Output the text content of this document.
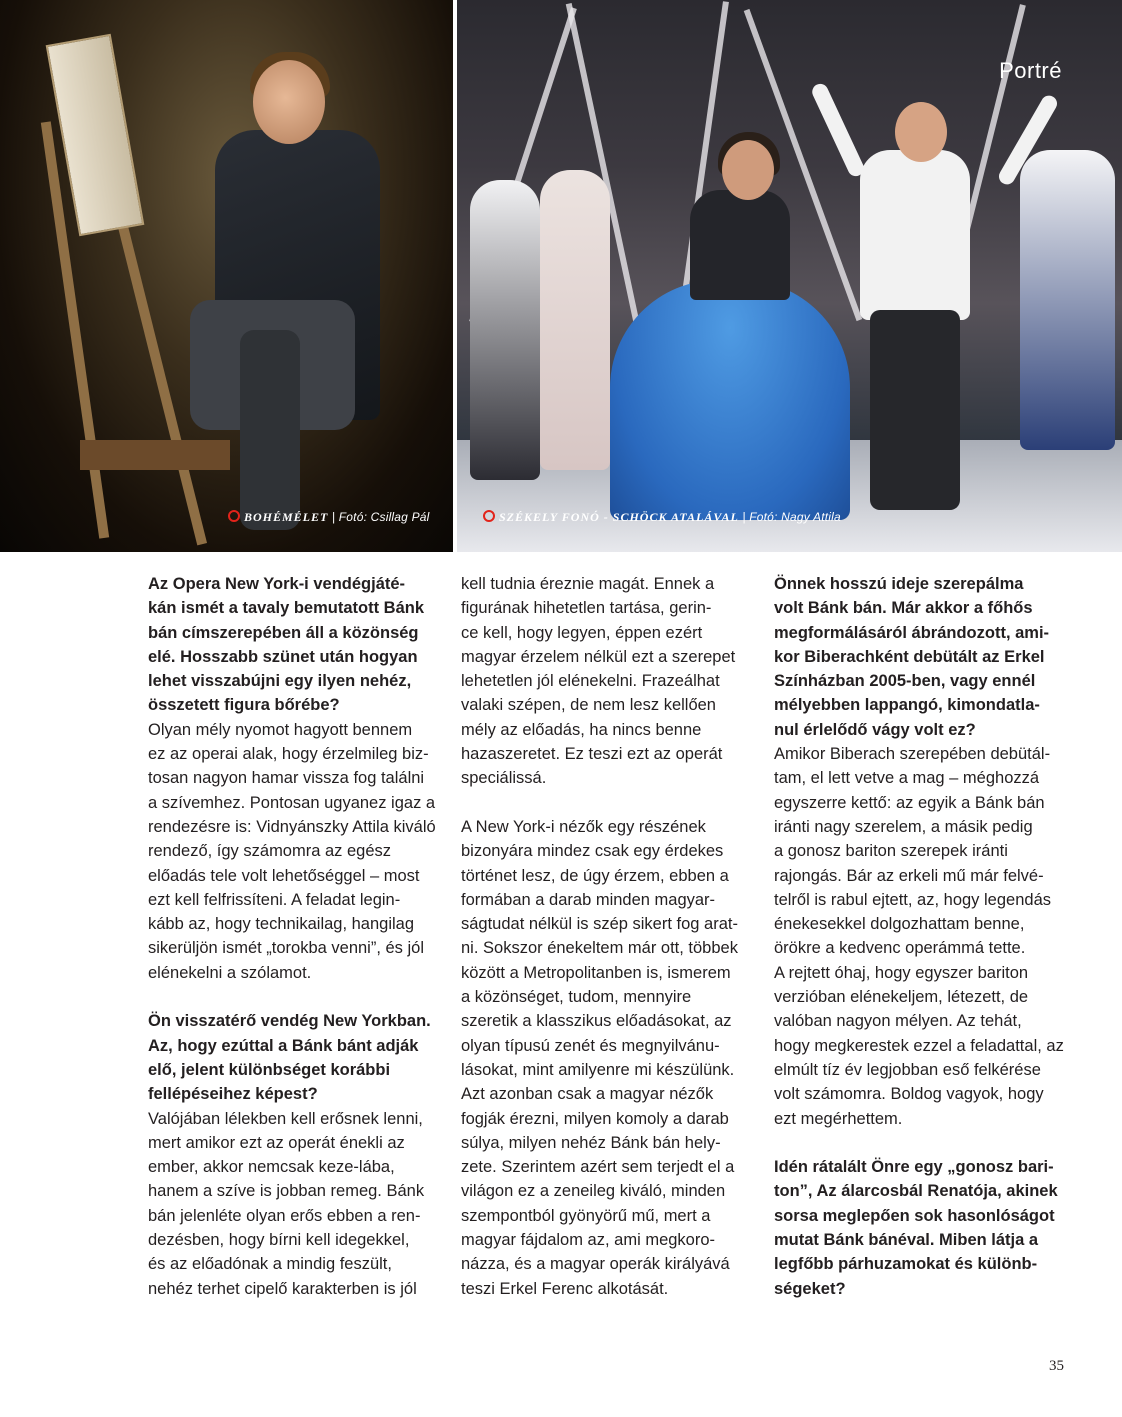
BOHÉMÉLET | Fotó: Csillag Pál	SZÉKELY FONÓ - SCHÖCK ATALÁVAL | Fotó: Nagy Attila
Portré

Az Opera New York-i vendégjáté-
kán ismét a tavaly bemutatott Bánk
bán címszerepében áll a közönség
elé. Hosszabb szünet után hogyan
lehet visszabújni egy ilyen nehéz,
összetett figura bőrébe?

Olyan mély nyomot hagyott bennem
ez az operai alak, hogy érzelmileg biz-
tosan nagyon hamar vissza fog találni
a szívemhez. Pontosan ugyanez igaz a
rendezésre is: Vidnyánszky Attila kiváló
rendező, így számomra az egész
előadás tele volt lehetőséggel – most
ezt kell felfrissíteni. A feladat legin-
kább az, hogy technikailag, hangilag
sikerüljön ismét „torokba venni”, és jól
elénekelni a szólamot.

Ön visszatérő vendég New Yorkban.
Az, hogy ezúttal a Bánk bánt adják
elő, jelent különbséget korábbi
fellépéseihez képest?

Valójában lélekben kell erősnek lenni,
mert amikor ezt az operát énekli az
ember, akkor nemcsak keze-lába,
hanem a szíve is jobban remeg. Bánk
bán jelenléte olyan erős ebben a ren-
dezésben, hogy bírni kell idegekkel,
és az előadónak a mindig feszült,
nehéz terhet cipelő karakterben is jól

kell tudnia éreznie magát. Ennek a
figurának hihetetlen tartása, gerin-
ce kell, hogy legyen, éppen ezért
magyar érzelem nélkül ezt a szerepet
lehetetlen jól elénekelni. Frazeálhat
valaki szépen, de nem lesz kellően
mély az előadás, ha nincs benne
hazaszeretet. Ez teszi ezt az operát
speciálissá.

A New York-i nézők egy részének
bizonyára mindez csak egy érdekes
történet lesz, de úgy érzem, ebben a
formában a darab minden magyar-
ságtudat nélkül is szép sikert fog arat-
ni. Sokszor énekeltem már ott, többek
között a Metropolitanben is, ismerem
a közönséget, tudom, mennyire
szeretik a klasszikus előadásokat, az
olyan típusú zenét és megnyilvánu-
lásokat, mint amilyenre mi készülünk.
Azt azonban csak a magyar nézők
fogják érezni, milyen komoly a darab
súlya, milyen nehéz Bánk bán hely-
zete. Szerintem azért sem terjedt el a
világon ez a zeneileg kiváló, minden
szempontból gyönyörű mű, mert a
magyar fájdalom az, ami megkoro-
názza, és a magyar operák királyává
teszi Erkel Ferenc alkotását.

Önnek hosszú ideje szerepálma
volt Bánk bán. Már akkor a főhős
megformálásáról ábrándozott, ami-
kor Biberachként debütált az Erkel
Színházban 2005-ben, vagy ennél
mélyebben lappangó, kimondatla-
nul érlelődő vágy volt ez?

Amikor Biberach szerepében debütál-
tam, el lett vetve a mag – méghozzá
egyszerre kettő: az egyik a Bánk bán
iránti nagy szerelem, a másik pedig
a gonosz bariton szerepek iránti
rajongás. Bár az erkeli mű már felvé-
telről is rabul ejtett, az, hogy legendás
énekesekkel dolgozhattam benne,
örökre a kedvenc operámmá tette.
A rejtett óhaj, hogy egyszer bariton
verzióban elénekeljem, létezett, de
valóban nagyon mélyen. Az tehát,
hogy megkerestek ezzel a feladattal, az
elmúlt tíz év legjobban eső felkérése
volt számomra. Boldog vagyok, hogy
ezt megérhettem.

Idén rátalált Önre egy „gonosz bari-
ton”, Az álarcosbál Renatója, akinek
sorsa meglepően sok hasonlóságot
mutat Bánk bánéval. Miben látja a
legfőbb párhuzamokat és különb-
ségeket?

35
